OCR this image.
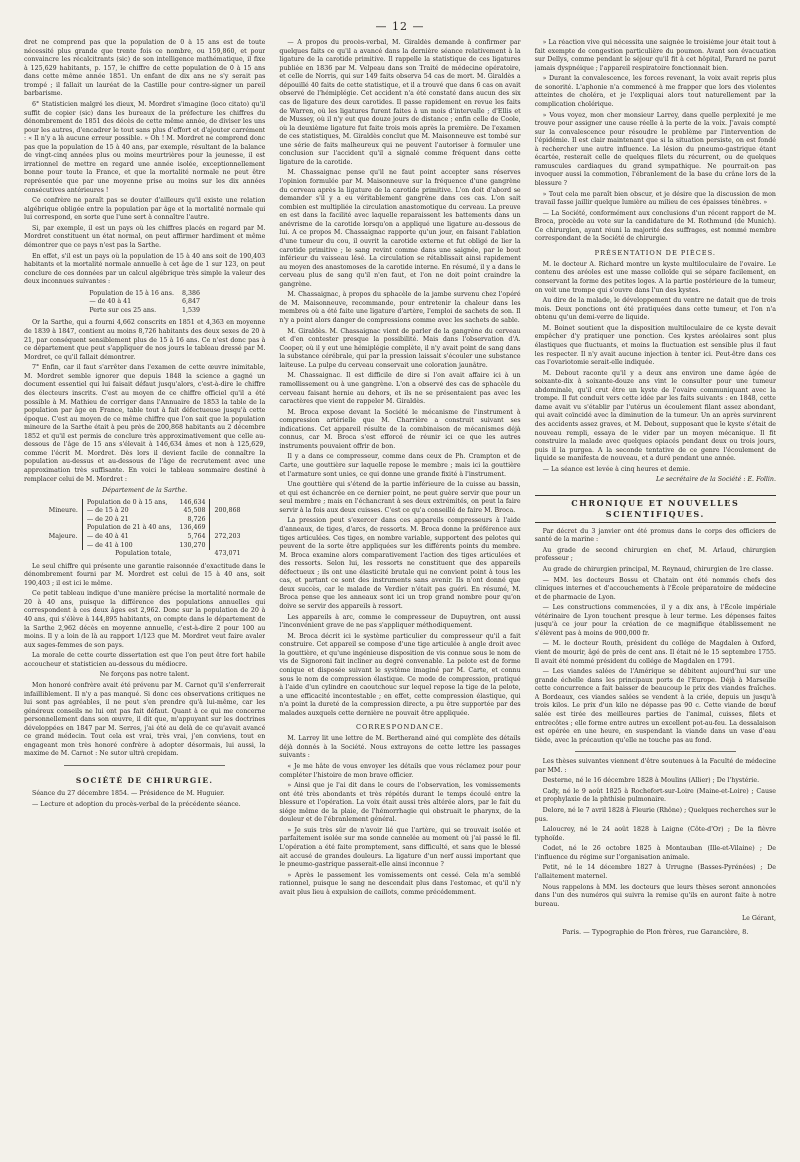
— 12 —

dret ne comprend pas que la population de 0 à 15 ans est de toute nécessité plus grande que trente fois ce nombre, ou 159,860, et pour convaincre les récalcitrants (sic) de son intelligence mathématique, il fixe à 125,629 habitants, p. 157, le chiffre de cette population de 0 à 15 ans dans cette même année 1851. Un enfant de dix ans ne s'y serait pas trompé ; il fallait un lauréat de la Castille pour contre-signer un pareil barbarisme.

6° Statisticien malgré les dieux, M. Mordret s'imagine (loco citato) qu'il suffit de copier (sic) dans les bureaux de la préfecture les chiffres du dénombrement de 1851 des décès de cette même année, de diviser les uns pour les autres, d'encadrer le tout sans plus d'effort et d'ajouter carrément : « Il n'y a là aucune erreur possible. » Oh ! M. Mordret ne comprend donc pas que la population de 15 à 40 ans, par exemple, résultant de la balance de vingt-cinq années plus ou moins meurtrières pour la jeunesse, il est irrationnel de mettre en regard une année isolée, exceptionnellement bonne pour toute la France, et que la mortalité normale ne peut être représentée que par une moyenne prise au moins sur les dix années consécutives antérieures !

Ce confrère ne paraît pas se douter d'ailleurs qu'il existe une relation algébrique obligée entre la population par âge et la mortalité normale qui lui correspond, en sorte que l'une sert à connaître l'autre.

Si, par exemple, il est un pays où les chiffres placés en regard par M. Mordret constituent un état normal, on peut affirmer hardiment et même démontrer que ce pays n'est pas la Sarthe.

En effet, s'il est un pays où la population de 15 à 40 ans soit de 190,403 habitants et la mortalité normale annuelle à cet âge de 1 sur 123, on peut conclure de ces données par un calcul algébrique très simple la valeur des deux inconnues suivantes :

Population de 15 à 16 ans.	8,386
— de 40 à 41	6,847
Perte sur ces 25 ans.	1,539

Or la Sarthe, qui a fourni 4,662 conscrits en 1851 et 4,363 en moyenne de 1839 à 1847, contient au moins 8,726 habitants des deux sexes de 20 à 21, par conséquent sensiblement plus de 15 à 16 ans. Ce n'est donc pas à ce département que peut s'appliquer de nos jours le tableau dressé par M. Mordret, ce qu'il fallait démontrer.

7° Enfin, car il faut s'arrêter dans l'examen de cette œuvre inimitable, M. Mordret semble ignorer que depuis 1848 la science a gagné un document essentiel qui lui faisait défaut jusqu'alors, c'est-à-dire le chiffre des électeurs inscrits. C'est au moyen de ce chiffre officiel qu'il a été possible à M. Mathieu de corriger dans l'Annuaire de 1853 la table de la population par âge en France, table tout à fait défectueuse jusqu'à cette époque. C'est au moyen de ce même chiffre que l'on sait que la population mineure de la Sarthe était à peu près de 200,868 habitants au 2 décembre 1852 et qu'il est permis de conclure très approximativement que celle au-dessous de l'âge de 15 ans s'élevait à 146,634 âmes et non à 125,629, comme l'écrit M. Mordret. Dès lors il devient facile de connaître la population au-dessus et au-dessous de l'âge de recrutement avec une approximation très suffisante. En voici le tableau sommaire destiné à remplacer celui de M. Mordret :

Département de la Sarthe.
Mineure.	Population de 0 à 15 ans,	146,634	200,868
	— de 15 à 20	45,508	
	— de 20 à 21	8,726	
Majeure.	Population de 21 à 40 ans,	136,469	272,203
	— de 40 à 41	5,764	
	— de 41 à 100	130,270	
	Population totale,		473,071

Le seul chiffre qui présente une garantie raisonnée d'exactitude dans le dénombrement fourni par M. Mordret est celui de 15 à 40 ans, soit 190,403 ; il est ici le même.

Ce petit tableau indique d'une manière précise la mortalité normale de 20 à 40 ans, puisque la différence des populations annuelles qui correspondent à ces deux âges est 2,962. Donc sur la population de 20 à 40 ans, qui s'élève à 144,895 habitants, on compte dans le département de la Sarthe 2,962 décès en moyenne annuelle, c'est-à-dire 2 pour 100 au moins. Il y a loin de là au rapport 1/123 que M. Mordret veut faire avaler aux sages-femmes de son pays.

La morale de cette courte dissertation est que l'on peut être fort habile accoucheur et statisticien au-dessous du médiocre.

Ne forçons pas notre talent.

Mon honoré confrère avait été prévenu par M. Carnot qu'il s'enferrerait infailliblement. Il n'y a pas manqué. Si donc ces observations critiques ne lui sont pas agréables, il ne peut s'en prendre qu'à lui-même, car les généreux conseils ne lui ont pas fait défaut. Quant à ce qui me concerne personnellement dans son œuvre, il dit que, m'appuyant sur les doctrines développées en 1847 par M. Serres, j'ai été au delà de ce qu'avait avancé ce grand médecin. Tout cela est vrai, très vrai, j'en conviens, tout en engageant mon très honoré confrère à adopter désormais, lui aussi, la maxime de M. Carnot : Ne sutor ultrà crepidam.

SOCIÉTÉ DE CHIRURGIE.

Séance du 27 décembre 1854. — Présidence de M. Huguier.

— Lecture et adoption du procès-verbal de la précédente séance.

— A propos du procès-verbal, M. Giraldès demande à confirmer par quelques faits ce qu'il a avancé dans la dernière séance relativement à la ligature de la carotide primitive. Il rappelle la statistique de ces ligatures publiée en 1836 par M. Velpeau dans son Traité de médecine opératoire, et celle de Norris, qui sur 149 faits observa 54 cas de mort. M. Giraldès a dépouillé 40 faits de cette statistique, et il a trouvé que dans 6 cas on avait observé de l'hémiplégie. Cet accident n'a été constaté dans aucun des six cas de ligature des deux carotides. Il passe rapidement en revue les faits de Warren, où les ligatures furent faites à un mois d'intervalle ; d'Ellis et de Mussey, où il n'y eut que douze jours de distance ; enfin celle de Coole, où la deuxième ligature fut faite trois mois après la première. De l'examen de ces statistiques, M. Giraldès conclut que M. Maisonneuve est tombé sur une série de faits malheureux qui ne peuvent l'autoriser à formuler une conclusion sur l'accident qu'il a signalé comme fréquent dans cette ligature de la carotide.

M. Chassaignac pense qu'il ne faut point accepter sans réserves l'opinion formulée par M. Maisonneuve sur la fréquence d'une gangrène du cerveau après la ligature de la carotide primitive. L'on doit d'abord se demander s'il y a eu véritablement gangrène dans ces cas. L'on sait combien est multipliée la circulation anastomotique du cerveau. La preuve en est dans la facilité avec laquelle reparaissent les battements dans un anévrisme de la carotide lorsqu'on a appliqué une ligature au-dessous de lui. A ce propos M. Chassaignac rapporte qu'un jour, en faisant l'ablation d'une tumeur du cou, il ouvrit la carotide externe et fut obligé de lier la carotide primitive ; le sang revint comme dans une saignée, par le bout inférieur du vaisseau lésé. La circulation se rétablissait ainsi rapidement au moyen des anastomoses de la carotide interne. En résumé, il y a dans le cerveau plus de sang qu'il n'en faut, et l'on ne doit point craindre la gangrène.

M. Chassaignac, à propos du sphacèle de la jambe survenu chez l'opéré de M. Maisonneuve, recommande, pour entretenir la chaleur dans les membres où a été faite une ligature d'artère, l'emploi de sachets de son. Il n'y a point alors danger de compressions comme avec les sachets de sable.

M. Giraldès. M. Chassaignac vient de parler de la gangrène du cerveau et d'en contester presque la possibilité. Mais dans l'observation d'A. Cooper, où il y eut une hémiplégie complète, il n'y avait point de sang dans la substance cérébrale, qui par la pression laissait s'écouler une substance laiteuse. La pulpe du cerveau conservait une coloration jaunâtre.

M. Chassaignac. Il est difficile de dire si l'on avait affaire ici à un ramollissement ou à une gangrène. L'on a observé des cas de sphacèle du cerveau faisant hernie au dehors, et ils ne se présentaient pas avec les caractères que vient de rappeler M. Giraldès.

M. Broca expose devant la Société le mécanisme de l'instrument à compression artérielle que M. Charrière a construit suivant ses indications. Cet appareil résulte de la combinaison de mécanismes déjà connus, car M. Broca s'est efforcé de réunir ici ce que les autres instruments pouvaient offrir de bon.

Il y a dans ce compresseur, comme dans ceux de Ph. Crampton et de Carte, une gouttière sur laquelle repose le membre ; mais ici la gouttière et l'armature sont unies, ce qui donne une grande fixité à l'instrument.

Une gouttière qui s'étend de la partie inférieure de la cuisse au bassin, et qui est échancrée en ce dernier point, ne peut guère servir que pour un seul membre ; mais en l'échancrant à ses deux extrémités, on peut la faire servir à la fois aux deux cuisses. C'est ce qu'a conseillé de faire M. Broca.

La pression peut s'exercer dans ces appareils compresseurs à l'aide d'anneaux, de tiges, d'arcs, de ressorts. M. Broca donne la préférence aux tiges articulées. Ces tiges, en nombre variable, supportent des pelotes qui peuvent de la sorte être appliquées sur les différents points du membre. M. Broca examine alors comparativement l'action des tiges articulées et des ressorts. Selon lui, les ressorts ne constituent que des appareils défectueux ; ils ont une élasticité brutale qui ne convient point à tous les cas, et partant ce sont des instruments sans avenir. Ils n'ont donné que deux succès, car le malade de Verdier n'était pas guéri. En résumé, M. Broca pense que les anneaux sont ici un trop grand nombre pour qu'on doive se servir des appareils à ressort.

Les appareils à arc, comme le compresseur de Dupuytren, ont aussi l'inconvénient grave de ne pas s'appliquer méthodiquement.

M. Broca décrit ici le système particulier du compresseur qu'il a fait construire. Cet appareil se compose d'une tige articulée à angle droit avec la gouttière, et qu'une ingénieuse disposition de vis connue sous le nom de vis de Signoroni fait incliner au degré convenable. La pelote est de forme conique et disposée suivant le système imaginé par M. Carte, et connu sous le nom de compression élastique. Ce mode de compression, pratiqué à l'aide d'un cylindre en caoutchouc sur lequel repose la tige de la pelote, a une efficacité incontestable ; en effet, cette compression élastique, qui n'a point la dureté de la compression directe, a pu être supportée par des malades auxquels cette dernière ne pouvait être appliquée.

CORRESPONDANCE.

M. Larrey lit une lettre de M. Bertherand ainé qui complète des détails déjà donnés à la Société. Nous extrayons de cette lettre les passages suivants :

« Je me hâte de vous envoyer les détails que vous réclamez pour pour compléter l'histoire de mon brave officier.

» Ainsi que je l'ai dit dans le cours de l'observation, les vomissements ont été très abondants et très répétés durant le temps écoulé entre la blessure et l'opération. La voix était aussi très altérée alors, par le fait du siége même de la plaie, de l'hémorrhagie qui obstruait le pharynx, de la douleur et de l'ébranlement général.

» Je suis très sûr de n'avoir lié que l'artère, qui se trouvait isolée et parfaitement isolée sur ma sonde cannelée au moment où j'ai passé le fil. L'opération a été faite promptement, sans difficulté, et sans que le blessé ait accusé de grandes douleurs. La ligature d'un nerf aussi important que le pneumo-gastrique passerait-elle ainsi inconnue ?

» Après le passement les vomissements ont cessé. Cela m'a semblé rationnel, puisque le sang ne descendait plus dans l'estomac, et qu'il n'y avait plus lieu à expulsion de caillots, comme précédemment.

» La réaction vive qui nécessita une saignée le troisième jour était tout à fait exempte de congestion particulière du poumon. Avant son évacuation sur Dellys, comme pendant le séjour qu'il fit à cet hôpital, Parard ne parut jamais dyspnéique ; l'appareil respiratoire fonctionnait bien.

» Durant la convalescence, les forces revenant, la voix avait repris plus de sonorité. L'aphonie n'a commencé à me frapper que lors des violentes atteintes de choléra, et je l'expliquai alors tout naturellement par la complication cholérique.

» Vous voyez, mon cher monsieur Larrey, dans quelle perplexité je me trouve pour assigner une cause réelle à la perte de la voix. J'avais compté sur la convalescence pour résoudre le problème par l'intervention de l'épidémie. Il est clair maintenant que si la situation persiste, on est fondé à rechercher une autre influence. La lésion du pneumo-gastrique étant écartée, resterait celle de quelques filets du récurrent, ou de quelques ramuscules cardiaques du grand sympathique. Ne pourrait-on pas invoquer aussi la commotion, l'ébranlement de la base du crâne lors de la blessure ?

» Tout cela me paraît bien obscur, et je désire que la discussion de mon travail fasse jaillir quelque lumière au milieu de ces épaisses ténèbres. »

— La Société, conformément aux conclusions d'un récent rapport de M. Broca, procède au vote sur la candidature de M. Rothmund (de Munich). Ce chirurgien, ayant réuni la majorité des suffrages, est nommé membre correspondant de la Société de chirurgie.

PRÉSENTATION DE PIÈCES.

M. le docteur A. Richard montre un kyste multiloculaire de l'ovaire. Le contenu des aréoles est une masse colloïde qui se sépare facilement, en conservant la forme des petites loges. A la partie postérieure de la tumeur, on voit une trompe qui s'ouvre dans l'un des kystes.

Au dire de la malade, le développement du ventre ne datait que de trois mois. Deux ponctions ont été pratiquées dans cette tumeur, et l'on n'a obtenu qu'un demi-verre de liquide.

M. Boinet soutient que la disposition multiloculaire de ce kyste devait empêcher d'y pratiquer une ponction. Ces kystes aréolaires sont plus élastiques que fluctuants, et moins la fluctuation est sensible plus il faut les respecter. Il n'y avait aucune injection à tenter ici. Peut-être dans ces cas l'ovariotomie serait-elle indiquée.

M. Debout raconte qu'il y a deux ans environ une dame âgée de soixante-dix à soixante-douze ans vint le consulter pour une tumeur abdominale, qu'il crut être un kyste de l'ovaire communiquant avec la trompe. Il fut conduit vers cette idée par les faits suivants : en 1848, cette dame avait vu s'établir par l'utérus un écoulement filant assez abondant, qui avait coïncidé avec la diminution de la tumeur. Un an après survinrent des accidents assez graves, et M. Debout, supposant que le kyste s'était de nouveau rempli, essaya de le vider par un moyen mécanique. Il fit construire la malade avec quelques opiacés pendant deux ou trois jours, puis il la purgea. A la seconde tentative de ce genre l'écoulement de liquide se manifesta de nouveau, et a duré pendant une année.

— La séance est levée à cinq heures et demie.

Le secrétaire de la Société : E. Follin.
CHRONIQUE ET NOUVELLES SCIENTIFIQUES.

Par décret du 3 janvier ont été promus dans le corps des officiers de santé de la marine :

Au grade de second chirurgien en chef, M. Arlaud, chirurgien professeur ;

Au grade de chirurgien principal, M. Reynaud, chirurgien de 1re classe.

— MM. les docteurs Bossu et Chatain ont été nommés chefs des cliniques internes et d'accouchements à l'École préparatoire de médecine et de pharmacie de Lyon.

— Les constructions commencées, il y a dix ans, à l'École impériale vétérinaire de Lyon touchent presque à leur terme. Les dépenses faites jusqu'à ce jour pour la création de ce magnifique établissement ne s'élèvent pas à moins de 900,000 fr.

— M. le docteur Routh, président du collége de Magdalen à Oxford, vient de mourir, âgé de près de cent ans. Il était né le 15 septembre 1755. Il avait été nommé président du collége de Magdalen en 1791.

— Les viandes salées de l'Amérique se débitent aujourd'hui sur une grande échelle dans les principaux ports de l'Europe. Déjà à Marseille cette concurrence a fait baisser de beaucoup le prix des viandes fraîches. A Bordeaux, ces viandes salées se vendent à la criée, depuis un jusqu'à trois kilos. Le prix d'un kilo ne dépasse pas 90 c. Cette viande de bœuf salée est tirée des meilleures parties de l'animal, cuisses, filets et entrecôtes ; elle forme entre autres un excellent pot-au-feu. La dessalaison est opérée en une heure, en suspendant la viande dans un vase d'eau tiède, avec la précaution qu'elle ne touche pas au fond.

Les thèses suivantes viennent d'être soutenues à la Faculté de médecine par MM. :

Desterne, né le 16 décembre 1828 à Moulins (Allier) ; De l'hystérie.

Cady, né le 9 août 1825 à Rochefort-sur-Loire (Maine-et-Loire) ; Cause et prophylaxie de la phthisie pulmonaire.

Delore, né le 7 avril 1828 à Fleurie (Rhône) ; Quelques recherches sur le pus.

Laloucrey, né le 24 août 1828 à Laigne (Côte-d'Or) ; De la fièvre typhoïde.

Codet, né le 26 octobre 1825 à Montauban (Ille-et-Vilaine) ; De l'influence du régime sur l'organisation animale.

Petit, né le 14 décembre 1827 à Urrugne (Basses-Pyrénées) ; De l'allaitement maternel.

Nous rappelons à MM. les docteurs que leurs thèses seront annoncées dans l'un des numéros qui suivra la remise qu'ils en auront faite à notre bureau.

Le Gérant,
Paris. — Typographie de Plon frères, rue Garancière, 8.
